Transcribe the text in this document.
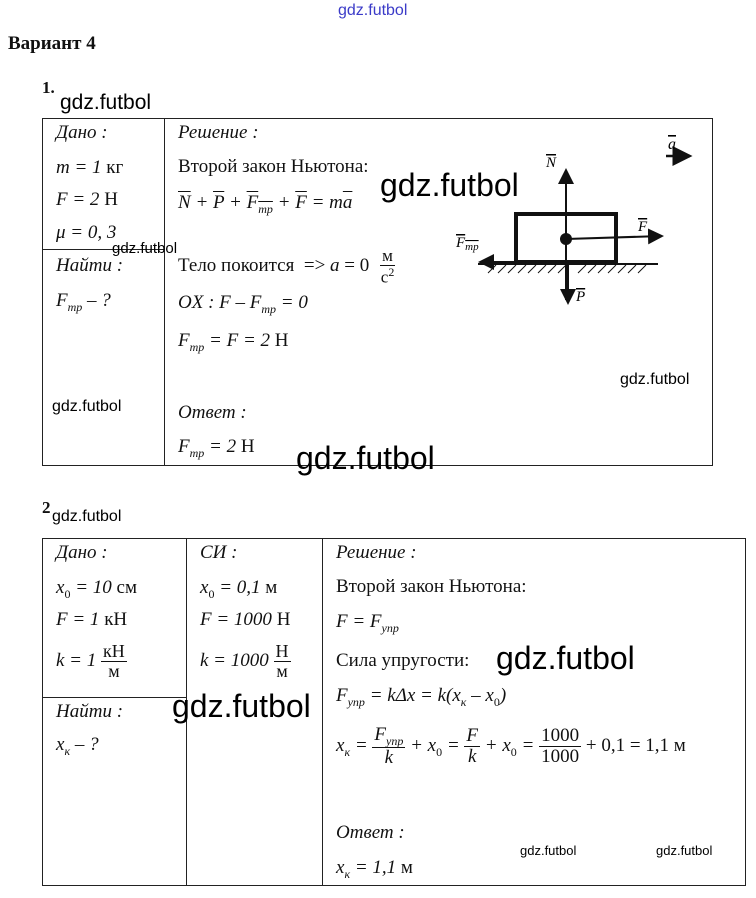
gdz.futbol
Вариант 4
1.
gdz.futbol
Дано :
m = 1 кг
F = 2 Н
μ = 0, 3
gdz.futbol
Найти :
$F_{тр}$ – ?
gdz.futbol
Решение :
Второй закон Ньютона:
$\overline{N} + \overline{P} + F_{тр} + \overline{F} = m\overline{a}$
Тело покоится  => $a = 0 \frac{м}{с^2}$
OX : $F - F_{тр} = 0$
$F_{тр} = F = 2$ Н
Ответ :
$F_{тр} = 2$ Н
a
N
F
$F_{тр}$
P
gdz.futbol
gdz.futbol
gdz.futbol
2 gdz.futbol
Дано :
$x_0 = 10$ см
F = 1 кН
$k = 1 \frac{кН}{м}$
Найти :
$x_к$ – ?
СИ :
$x_0 = 0,1$ м
F = 1000 Н
$k = 1000 \frac{Н}{м}$
Решение :
Второй закон Ньютона:
$F = F_{упр}$
Сила упругости:
$F_{упр} = k\Delta x = k(x_к - x_0)$
$x_к = \frac{F_{упр}}{k} + x_0 = \frac{F}{k} + x_0 = \frac{1000}{1000} + 0,1 = 1,1$ м
Ответ :
$x_к = 1,1$ м
gdz.futbol
gdz.futbol
gdz.futbol	gdz.futbol
